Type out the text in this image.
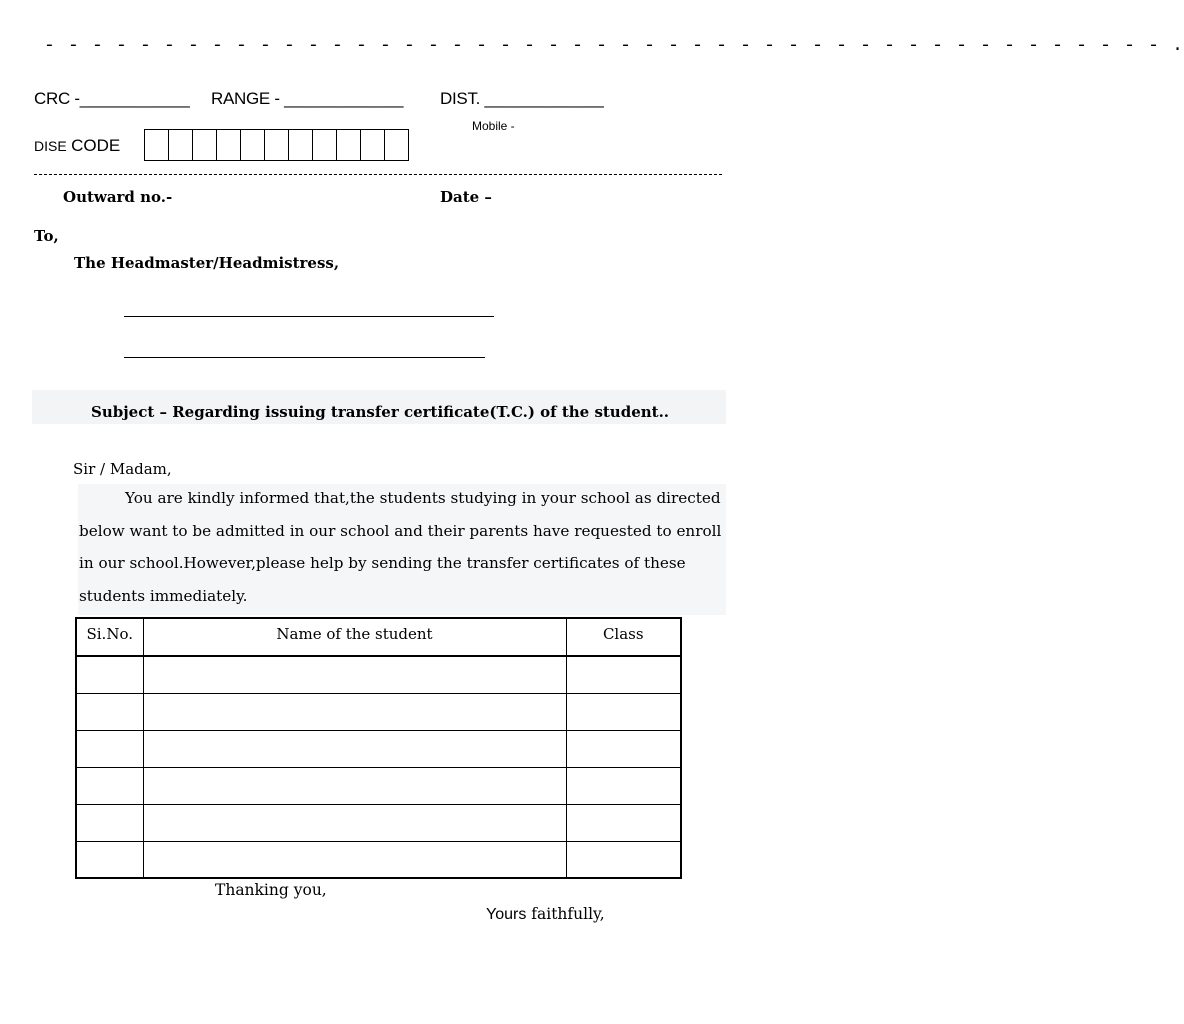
- - - - - - - - - - - - - - - - - - - - - - - - - - - - - - - - - - - - - - - - - - - - - - - .
CRC -____________ RANGE - _____________ DIST. _____________
Mobile -
DISE CODE
Outward no.-	Date –
To,
The Headmaster/Headmistress,
Subject – Regarding issuing transfer certificate(T.C.) of the student..
Sir / Madam,
You are kindly informed that,the students studying in your school as directed below want to be admitted in our school and their parents have requested to enroll in our school.However,please help by sending the transfer certificates of these students immediately.
Si.No.	Name of the student	Class

Thanking you,
Yours faithfully,
